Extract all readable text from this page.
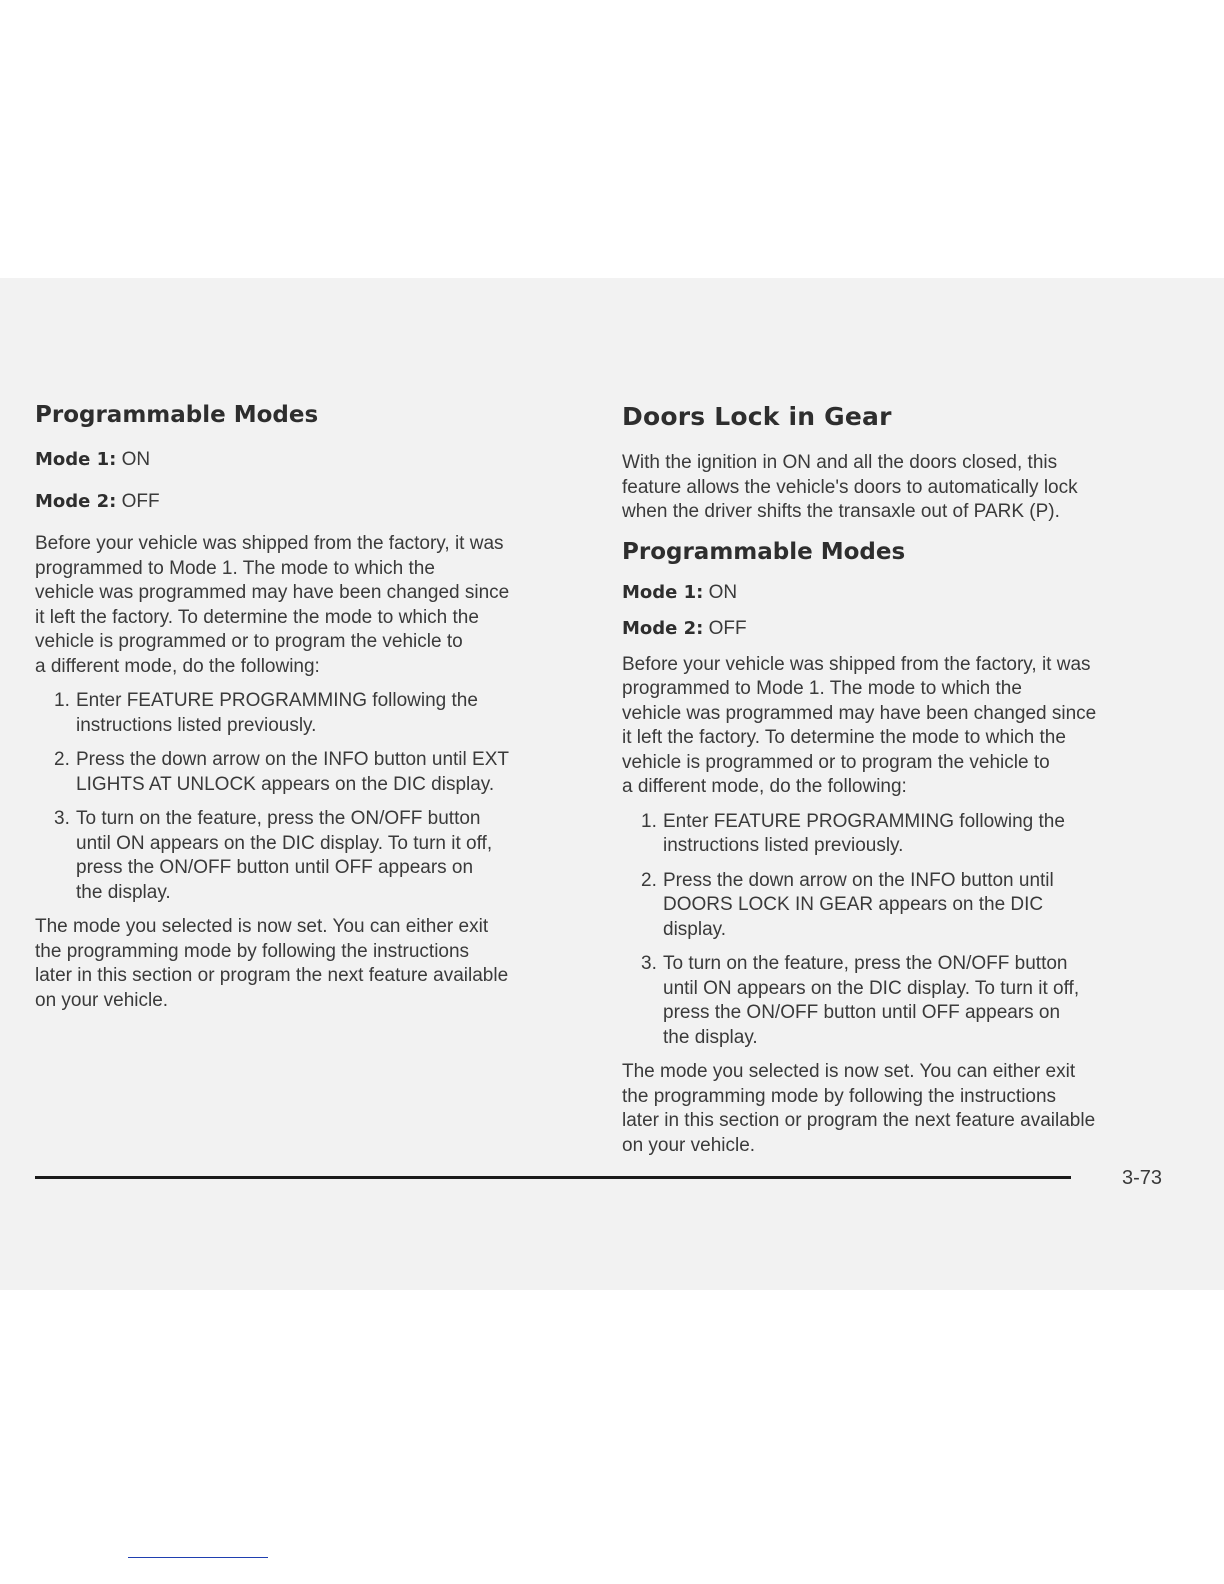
Programmable Modes

Mode 1: ON

Mode 2: OFF

Before your vehicle was shipped from the factory, it was
programmed to Mode 1. The mode to which the
vehicle was programmed may have been changed since
it left the factory. To determine the mode to which the
vehicle is programmed or to program the vehicle to
a different mode, do the following:

1. Enter FEATURE PROGRAMMING following the
instructions listed previously.
2. Press the down arrow on the INFO button until EXT
LIGHTS AT UNLOCK appears on the DIC display.
3. To turn on the feature, press the ON/OFF button
until ON appears on the DIC display. To turn it off,
press the ON/OFF button until OFF appears on
the display.

The mode you selected is now set. You can either exit
the programming mode by following the instructions
later in this section or program the next feature available
on your vehicle.

Doors Lock in Gear

With the ignition in ON and all the doors closed, this
feature allows the vehicle's doors to automatically lock
when the driver shifts the transaxle out of PARK (P).

Programmable Modes

Mode 1: ON

Mode 2: OFF

Before your vehicle was shipped from the factory, it was
programmed to Mode 1. The mode to which the
vehicle was programmed may have been changed since
it left the factory. To determine the mode to which the
vehicle is programmed or to program the vehicle to
a different mode, do the following:

1. Enter FEATURE PROGRAMMING following the
instructions listed previously.
2. Press the down arrow on the INFO button until
DOORS LOCK IN GEAR appears on the DIC
display.
3. To turn on the feature, press the ON/OFF button
until ON appears on the DIC display. To turn it off,
press the ON/OFF button until OFF appears on
the display.

The mode you selected is now set. You can either exit
the programming mode by following the instructions
later in this section or program the next feature available
on your vehicle.

3-73
